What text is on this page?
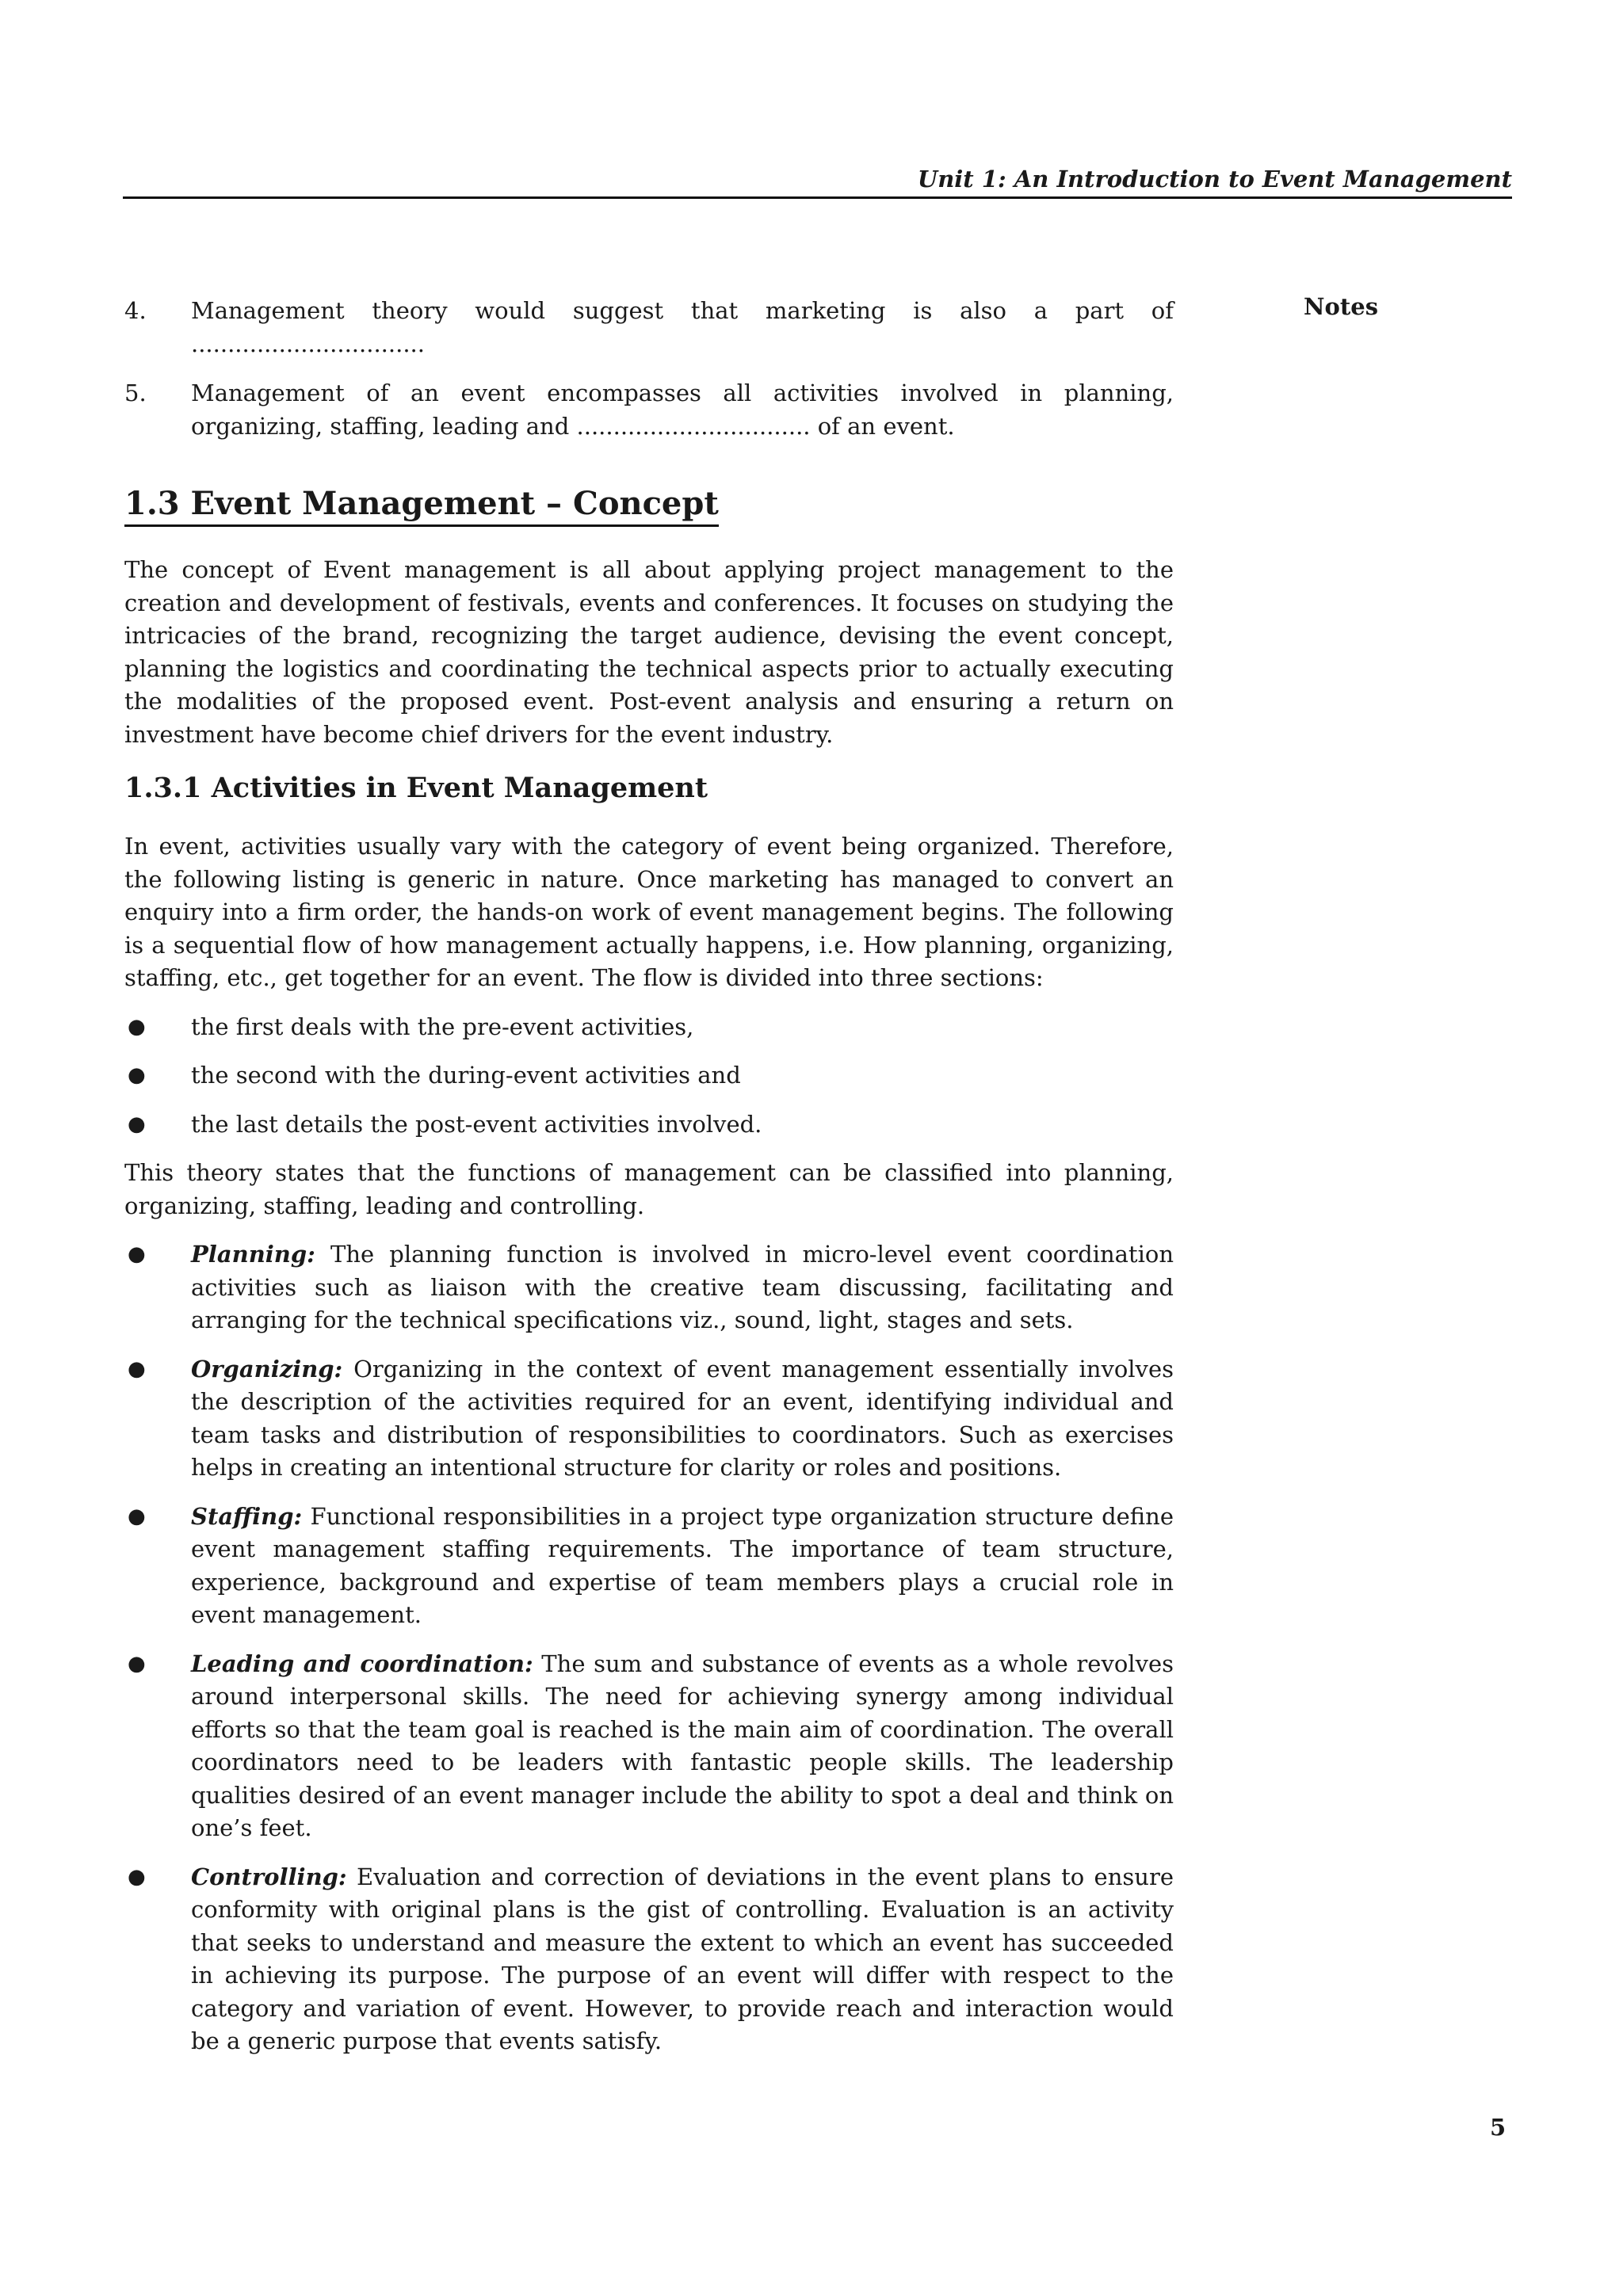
Unit 1: An Introduction to Event Management
Notes
4. Management theory would suggest that marketing is also a part of ................................
5. Management of an event encompasses all activities involved in planning, organizing, staffing, leading and ................................ of an event.
1.3 Event Management – Concept

The concept of Event management is all about applying project management to the creation and development of festivals, events and conferences. It focuses on studying the intricacies of the brand, recognizing the target audience, devising the event concept, planning the logistics and coordinating the technical aspects prior to actually executing the modalities of the proposed event. Post-event analysis and ensuring a return on investment have become chief drivers for the event industry.

1.3.1 Activities in Event Management

In event, activities usually vary with the category of event being organized. Therefore, the following listing is generic in nature. Once marketing has managed to convert an enquiry into a firm order, the hands-on work of event management begins. The following is a sequential flow of how management actually happens, i.e. How planning, organizing, staffing, etc., get together for an event. The flow is divided into three sections:

● the first deals with the pre-event activities,
● the second with the during-event activities and
● the last details the post-event activities involved.

This theory states that the functions of management can be classified into planning, organizing, staffing, leading and controlling.

● Planning: The planning function is involved in micro-level event coordination activities such as liaison with the creative team discussing, facilitating and arranging for the technical specifications viz., sound, light, stages and sets.
● Organizing: Organizing in the context of event management essentially involves the description of the activities required for an event, identifying individual and team tasks and distribution of responsibilities to coordinators. Such as exercises helps in creating an intentional structure for clarity or roles and positions.
● Staffing: Functional responsibilities in a project type organization structure define event management staffing requirements. The importance of team structure, experience, background and expertise of team members plays a crucial role in event management.
● Leading and coordination: The sum and substance of events as a whole revolves around interpersonal skills. The need for achieving synergy among individual efforts so that the team goal is reached is the main aim of coordination. The overall coordinators need to be leaders with fantastic people skills. The leadership qualities desired of an event manager include the ability to spot a deal and think on one’s feet.
● Controlling: Evaluation and correction of deviations in the event plans to ensure conformity with original plans is the gist of controlling. Evaluation is an activity that seeks to understand and measure the extent to which an event has succeeded in achieving its purpose. The purpose of an event will differ with respect to the category and variation of event. However, to provide reach and interaction would be a generic purpose that events satisfy.
5
